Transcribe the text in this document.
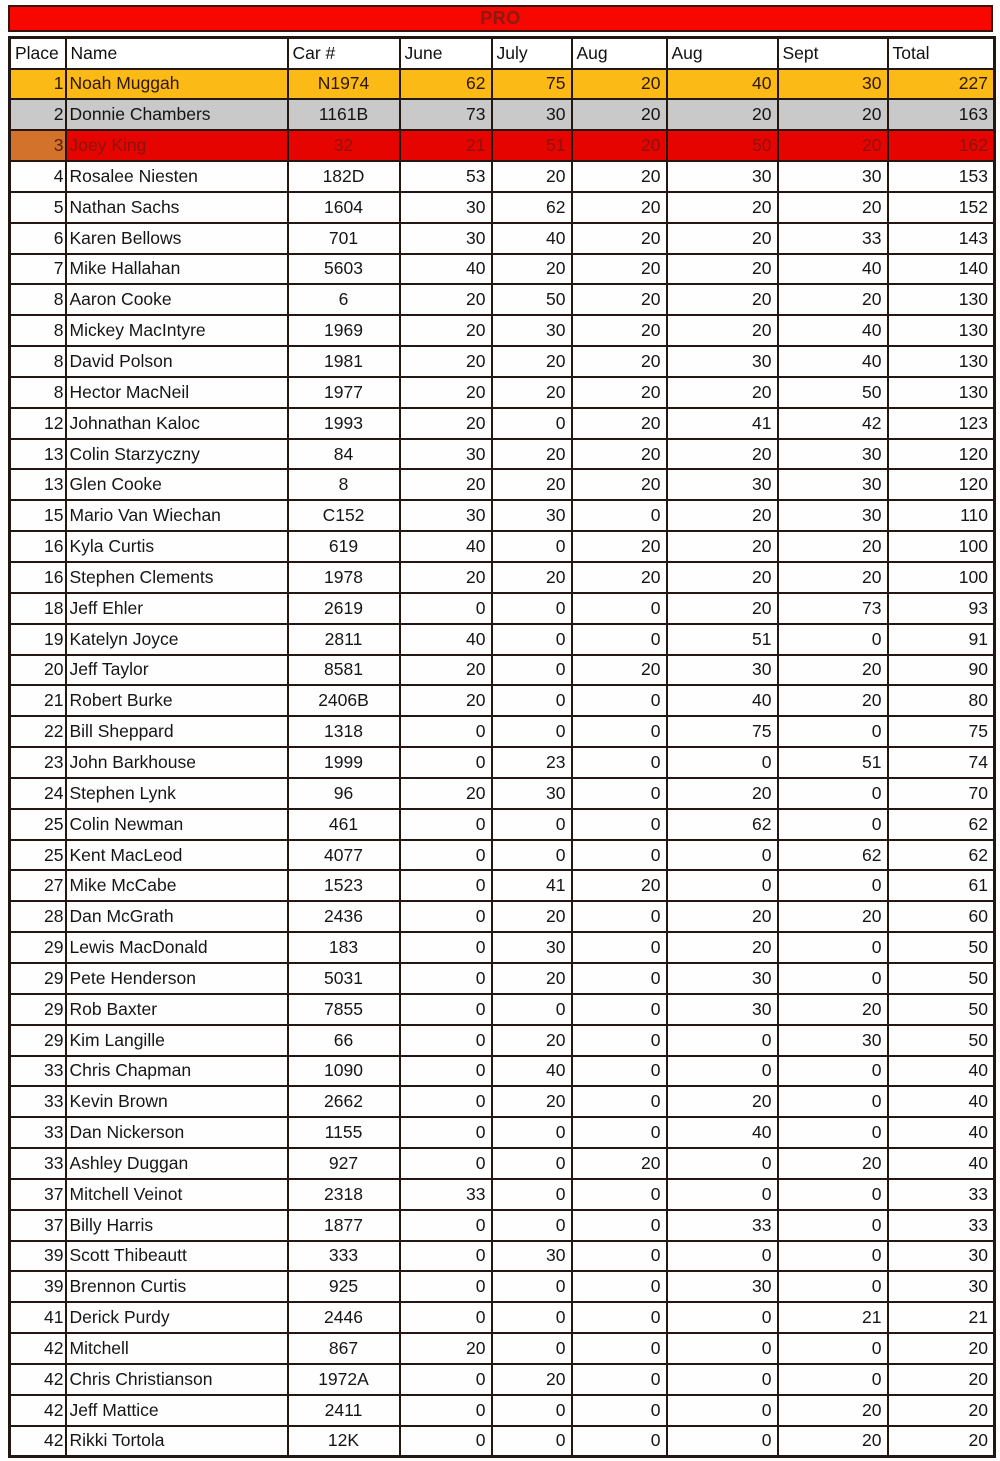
PRO
Place	Name	Car #	June	July	Aug	Aug	Sept	Total
1	Noah Muggah	N1974	62	75	20	40	30	227
2	Donnie Chambers	1161B	73	30	20	20	20	163
3	Joey King	32	21	51	20	50	20	162
4	Rosalee Niesten	182D	53	20	20	30	30	153
5	Nathan Sachs	1604	30	62	20	20	20	152
6	Karen Bellows	701	30	40	20	20	33	143
7	Mike Hallahan	5603	40	20	20	20	40	140
8	Aaron Cooke	6	20	50	20	20	20	130
8	Mickey MacIntyre	1969	20	30	20	20	40	130
8	David Polson	1981	20	20	20	30	40	130
8	Hector MacNeil	1977	20	20	20	20	50	130
12	Johnathan Kaloc	1993	20	0	20	41	42	123
13	Colin Starzyczny	84	30	20	20	20	30	120
13	Glen Cooke	8	20	20	20	30	30	120
15	Mario Van Wiechan	C152	30	30	0	20	30	110
16	Kyla Curtis	619	40	0	20	20	20	100
16	Stephen Clements	1978	20	20	20	20	20	100
18	Jeff Ehler	2619	0	0	0	20	73	93
19	Katelyn Joyce	2811	40	0	0	51	0	91
20	Jeff Taylor	8581	20	0	20	30	20	90
21	Robert Burke	2406B	20	0	0	40	20	80
22	Bill Sheppard	1318	0	0	0	75	0	75
23	John Barkhouse	1999	0	23	0	0	51	74
24	Stephen Lynk	96	20	30	0	20	0	70
25	Colin Newman	461	0	0	0	62	0	62
25	Kent MacLeod	4077	0	0	0	0	62	62
27	Mike McCabe	1523	0	41	20	0	0	61
28	Dan McGrath	2436	0	20	0	20	20	60
29	Lewis MacDonald	183	0	30	0	20	0	50
29	Pete Henderson	5031	0	20	0	30	0	50
29	Rob Baxter	7855	0	0	0	30	20	50
29	Kim Langille	66	0	20	0	0	30	50
33	Chris Chapman	1090	0	40	0	0	0	40
33	Kevin Brown	2662	0	20	0	20	0	40
33	Dan Nickerson	1155	0	0	0	40	0	40
33	Ashley Duggan	927	0	0	20	0	20	40
37	Mitchell Veinot	2318	33	0	0	0	0	33
37	Billy Harris	1877	0	0	0	33	0	33
39	Scott Thibeautt	333	0	30	0	0	0	30
39	Brennon Curtis	925	0	0	0	30	0	30
41	Derick Purdy	2446	0	0	0	0	21	21
42	Mitchell	867	20	0	0	0	0	20
42	Chris Christianson	1972A	0	20	0	0	0	20
42	Jeff Mattice	2411	0	0	0	0	20	20
42	Rikki Tortola	12K	0	0	0	0	20	20
